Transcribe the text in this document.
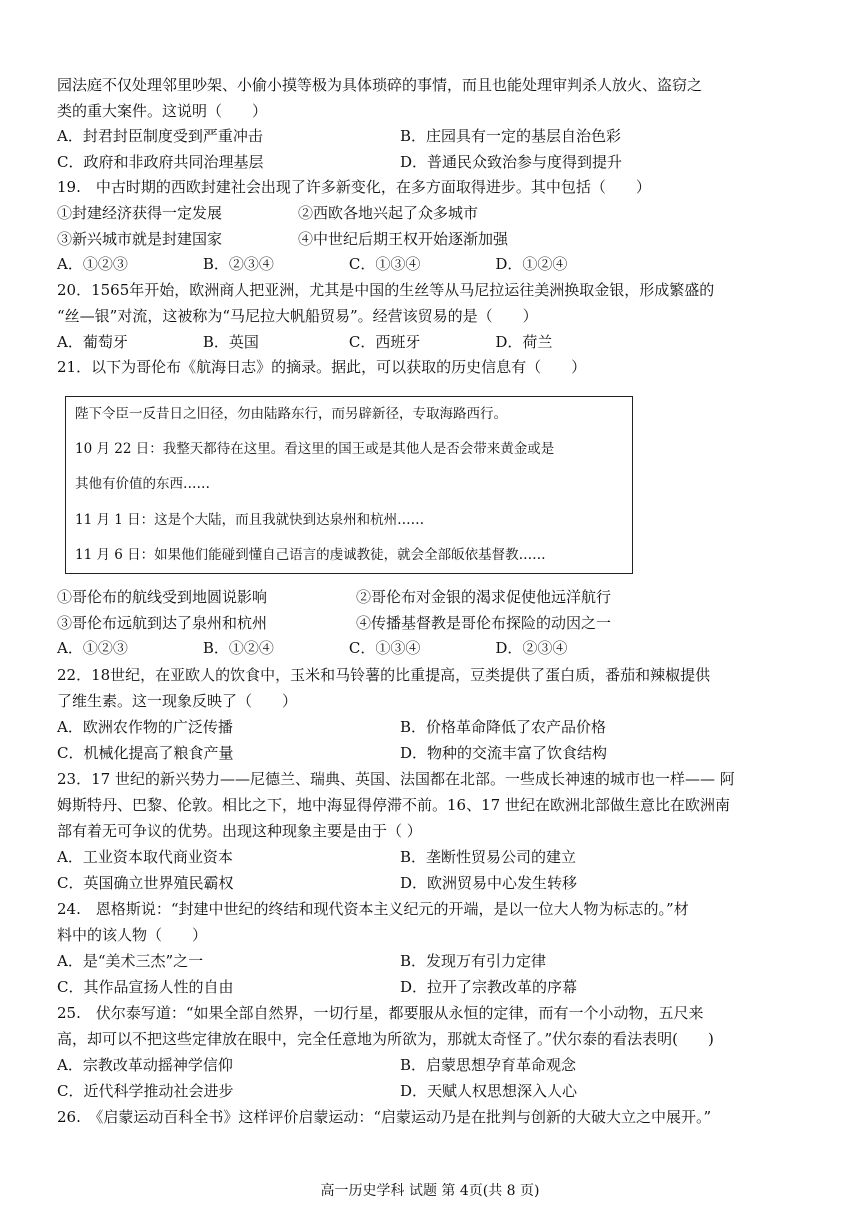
园法庭不仅处理邻里吵架、小偷小摸等极为具体琐碎的事情，而且也能处理审判杀人放火、盗窃之
类的重大案件。这说明（　　）
A．封君封臣制度受到严重冲击	B．庄园具有一定的基层自治色彩
C．政府和非政府共同治理基层	D．普通民众致治参与度得到提升
19.　中古时期的西欧封建社会出现了许多新变化，在多方面取得进步。其中包括（　　）
①封建经济获得一定发展	②西欧各地兴起了众多城市
③新兴城市就是封建国家	④中世纪后期王权开始逐渐加强
A．①②③　　　　　B．②③④　　　　　C．①③④　　　　　D．①②④
20．1565年开始，欧洲商人把亚洲，尤其是中国的生丝等从马尼拉运往美洲换取金银，形成繁盛的
“丝—银”对流，这被称为“马尼拉大帆船贸易”。经营该贸易的是（　　）
A．葡萄牙　　　　　B．英国　　　　　　C．西班牙　　　　　D．荷兰
21．以下为哥伦布《航海日志》的摘录。据此，可以获取的历史信息有（　　）
陛下令臣一反昔日之旧径，勿由陆路东行，而另辟新径，专取海路西行。
10 月 22 日：我整天都待在这里。看这里的国王或是其他人是否会带来黄金或是
其他有价值的东西……
11 月 1 日：这是个大陆，而且我就快到达泉州和杭州……
11 月 6 日：如果他们能碰到懂自己语言的虔诚教徒，就会全部皈依基督教……
①哥伦布的航线受到地圆说影响	②哥伦布对金银的渴求促使他远洋航行
③哥伦布远航到达了泉州和杭州	④传播基督教是哥伦布探险的动因之一
A．①②③　　　　　B．①②④　　　　　C．①③④　　　　　D．②③④
22．18世纪，在亚欧人的饮食中，玉米和马铃薯的比重提高，豆类提供了蛋白质，番茄和辣椒提供
了维生素。这一现象反映了（　　）
A．欧洲农作物的广泛传播	B．价格革命降低了农产品价格
C．机械化提高了粮食产量	D．物种的交流丰富了饮食结构
23．17 世纪的新兴势力——尼德兰、瑞典、英国、法国都在北部。一些成长神速的城市也一样—— 阿
姆斯特丹、巴黎、伦敦。相比之下，地中海显得停滞不前。16、17 世纪在欧洲北部做生意比在欧洲南
部有着无可争议的优势。出现这种现象主要是由于（ ）
A．工业资本取代商业资本	B．垄断性贸易公司的建立
C．英国确立世界殖民霸权	D．欧洲贸易中心发生转移
24.　恩格斯说：“封建中世纪的终结和现代资本主义纪元的开端，是以一位大人物为标志的。”材
料中的该人物（　　）
A．是“美术三杰”之一	B．发现万有引力定律
C．其作品宣扬人性的自由	D．拉开了宗教改革的序幕
25.　伏尔泰写道：“如果全部自然界，一切行星，都要服从永恒的定律，而有一个小动物，五尺来
高，却可以不把这些定律放在眼中，完全任意地为所欲为，那就太奇怪了。”伏尔泰的看法表明(　　)
A．宗教改革动摇神学信仰	B．启蒙思想孕育革命观念
C．近代科学推动社会进步	D．天赋人权思想深入人心
26.　《启蒙运动百科全书》这样评价启蒙运动：“启蒙运动乃是在批判与创新的大破大立之中展开。”
高一历史学科 试题 第 4页(共 8 页)
